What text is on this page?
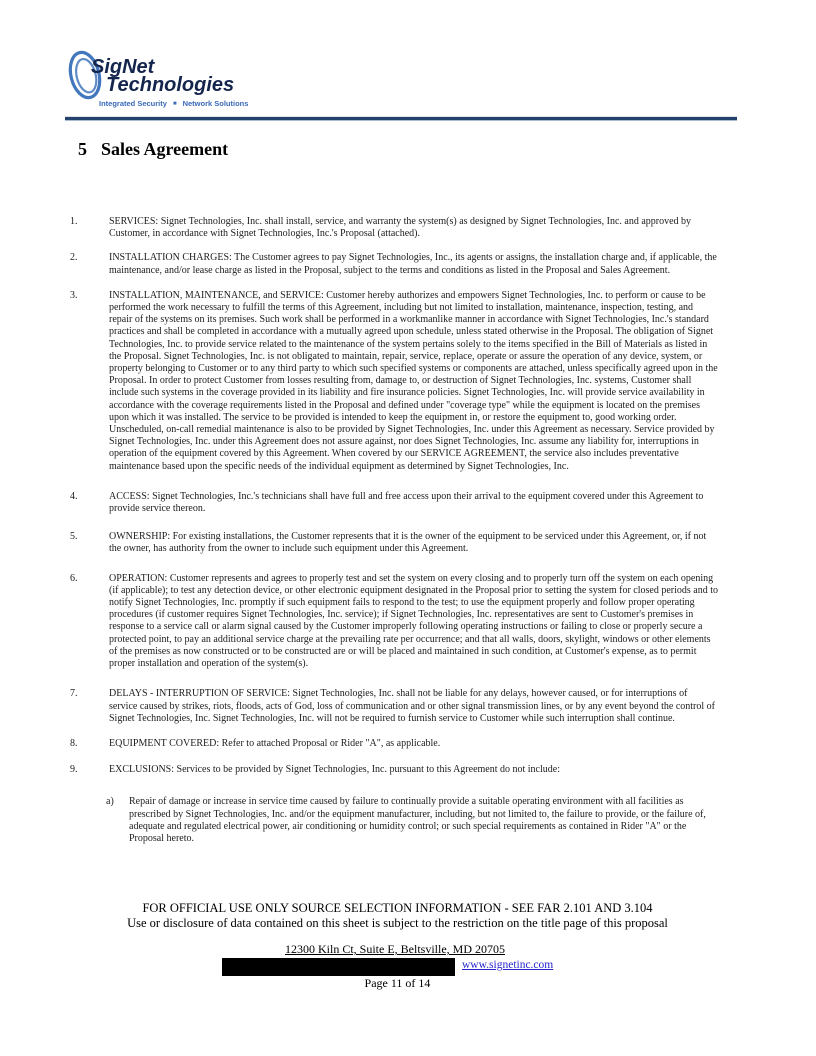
SigNet
Technologies
Integrated Security ■ Network Solutions
5 Sales Agreement
1.	SERVICES: Signet Technologies, Inc. shall install, service, and warranty the system(s) as designed by Signet Technologies, Inc. and approved by Customer, in accordance with Signet Technologies, Inc.'s Proposal (attached).

2.	INSTALLATION CHARGES: The Customer agrees to pay Signet Technologies, Inc., its agents or assigns, the installation charge and, if applicable, the maintenance, and/or lease charge as listed in the Proposal, subject to the terms and conditions as listed in the Proposal and Sales Agreement.

3.	INSTALLATION, MAINTENANCE, and SERVICE: Customer hereby authorizes and empowers Signet Technologies, Inc. to perform or cause to be performed the work necessary to fulfill the terms of this Agreement, including but not limited to installation, maintenance, inspection, testing, and repair of the systems on its premises. Such work shall be performed in a workmanlike manner in accordance with Signet Technologies, Inc.'s standard practices and shall be completed in accordance with a mutually agreed upon schedule, unless stated otherwise in the Proposal. The obligation of Signet Technologies, Inc. to provide service related to the maintenance of the system pertains solely to the items specified in the Bill of Materials as listed in the Proposal. Signet Technologies, Inc. is not obligated to maintain, repair, service, replace, operate or assure the operation of any device, system, or property belonging to Customer or to any third party to which such specified systems or components are attached, unless specifically agreed upon in the Proposal. In order to protect Customer from losses resulting from, damage to, or destruction of Signet Technologies, Inc. systems, Customer shall include such systems in the coverage provided in its liability and fire insurance policies. Signet Technologies, Inc. will provide service availability in accordance with the coverage requirements listed in the Proposal and defined under "coverage type" while the equipment is located on the premises upon which it was installed. The service to be provided is intended to keep the equipment in, or restore the equipment to, good working order. Unscheduled, on-call remedial maintenance is also to be provided by Signet Technologies, Inc. under this Agreement as necessary. Service provided by Signet Technologies, Inc. under this Agreement does not assure against, nor does Signet Technologies, Inc. assume any liability for, interruptions in operation of the equipment covered by this Agreement. When covered by our SERVICE AGREEMENT, the service also includes preventative maintenance based upon the specific needs of the individual equipment as determined by Signet Technologies, Inc.

4.	ACCESS: Signet Technologies, Inc.'s technicians shall have full and free access upon their arrival to the equipment covered under this Agreement to provide service thereon.

5.	OWNERSHIP: For existing installations, the Customer represents that it is the owner of the equipment to be serviced under this Agreement, or, if not the owner, has authority from the owner to include such equipment under this Agreement.

6.	OPERATION: Customer represents and agrees to properly test and set the system on every closing and to properly turn off the system on each opening (if applicable); to test any detection device, or other electronic equipment designated in the Proposal prior to setting the system for closed periods and to notify Signet Technologies, Inc. promptly if such equipment fails to respond to the test; to use the equipment properly and follow proper operating procedures (if customer requires Signet Technologies, Inc. service); if Signet Technologies, Inc. representatives are sent to Customer's premises in response to a service call or alarm signal caused by the Customer improperly following operating instructions or failing to close or properly secure a protected point, to pay an additional service charge at the prevailing rate per occurrence; and that all walls, doors, skylight, windows or other elements of the premises as now constructed or to be constructed are or will be placed and maintained in such condition, at Customer's expense, as to permit proper installation and operation of the system(s).

7.	DELAYS - INTERRUPTION OF SERVICE: Signet Technologies, Inc. shall not be liable for any delays, however caused, or for interruptions of service caused by strikes, riots, floods, acts of God, loss of communication and or other signal transmission lines, or by any event beyond the control of Signet Technologies, Inc. Signet Technologies, Inc. will not be required to furnish service to Customer while such interruption shall continue.

8.	EQUIPMENT COVERED: Refer to attached Proposal or Rider "A", as applicable.

9.	EXCLUSIONS: Services to be provided by Signet Technologies, Inc. pursuant to this Agreement do not include:

a)	Repair of damage or increase in service time caused by failure to continually provide a suitable operating environment with all facilities as prescribed by Signet Technologies, Inc. and/or the equipment manufacturer, including, but not limited to, the failure to provide, or the failure of, adequate and regulated electrical power, air conditioning or humidity control; or such special requirements as contained in Rider "A" or the Proposal hereto.

FOR OFFICIAL USE ONLY SOURCE SELECTION INFORMATION - SEE FAR 2.101 AND 3.104
Use or disclosure of data contained on this sheet is subject to the restriction on the title page of this proposal
12300 Kiln Ct, Suite E, Beltsville, MD 20705
www.signetinc.com
Page 11 of 14
